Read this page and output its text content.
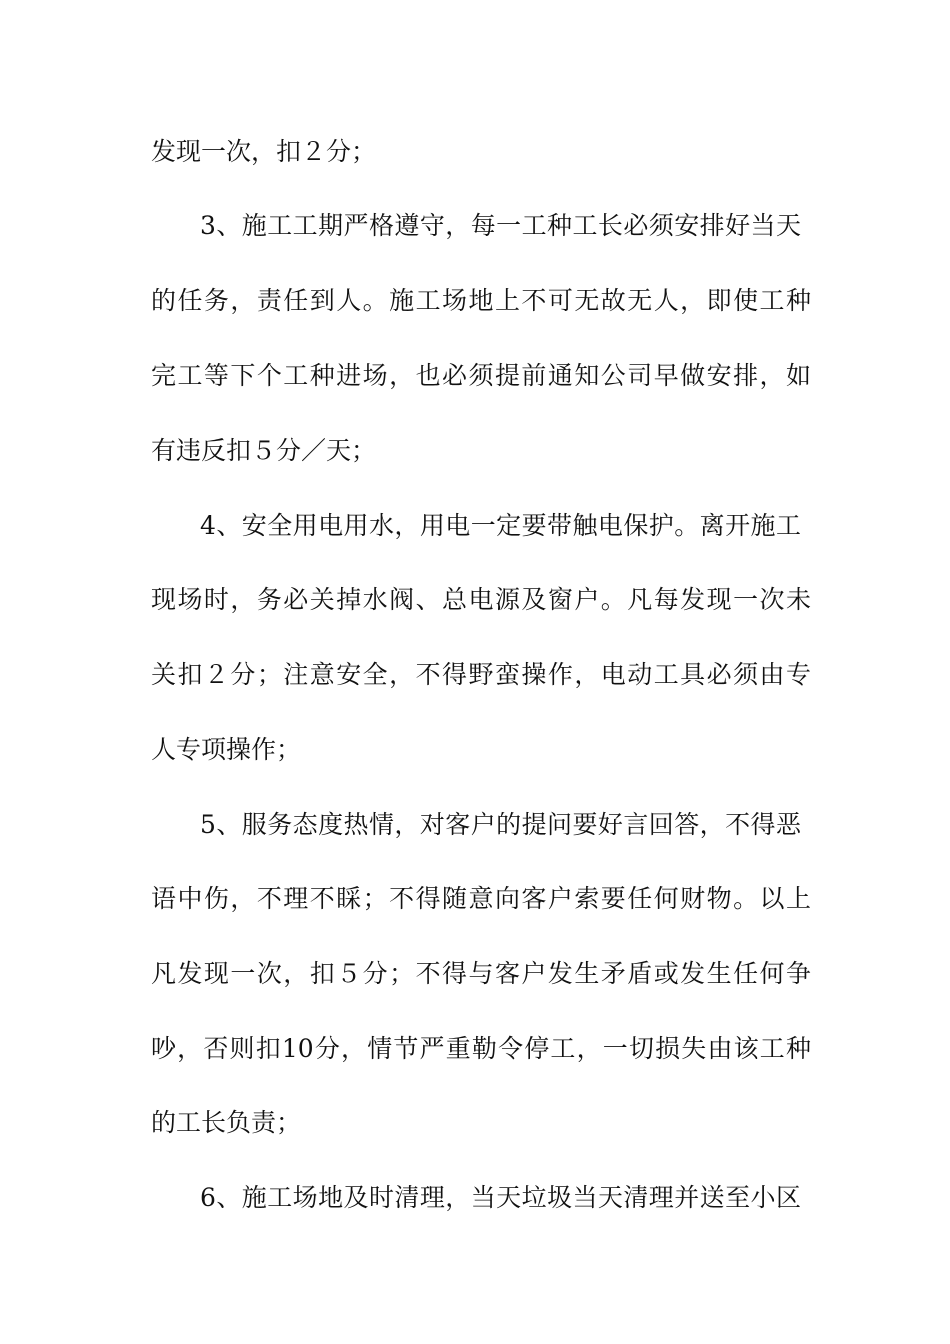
发现一次，扣２分；
3、施工工期严格遵守，每一工种工长必须安排好当天
的任务，责任到人。施工场地上不可无故无人，即使工种
完工等下个工种进场，也必须提前通知公司早做安排，如
有违反扣５分／天；
4、安全用电用水，用电一定要带触电保护。离开施工
现场时，务必关掉水阀、总电源及窗户。凡每发现一次未
关扣２分；注意安全，不得野蛮操作，电动工具必须由专
人专项操作；
5、服务态度热情，对客户的提问要好言回答，不得恶
语中伤，不理不睬；不得随意向客户索要任何财物。以上
凡发现一次，扣５分；不得与客户发生矛盾或发生任何争
吵，否则扣10分，情节严重勒令停工，一切损失由该工种
的工长负责；
6、施工场地及时清理，当天垃圾当天清理并送至小区
